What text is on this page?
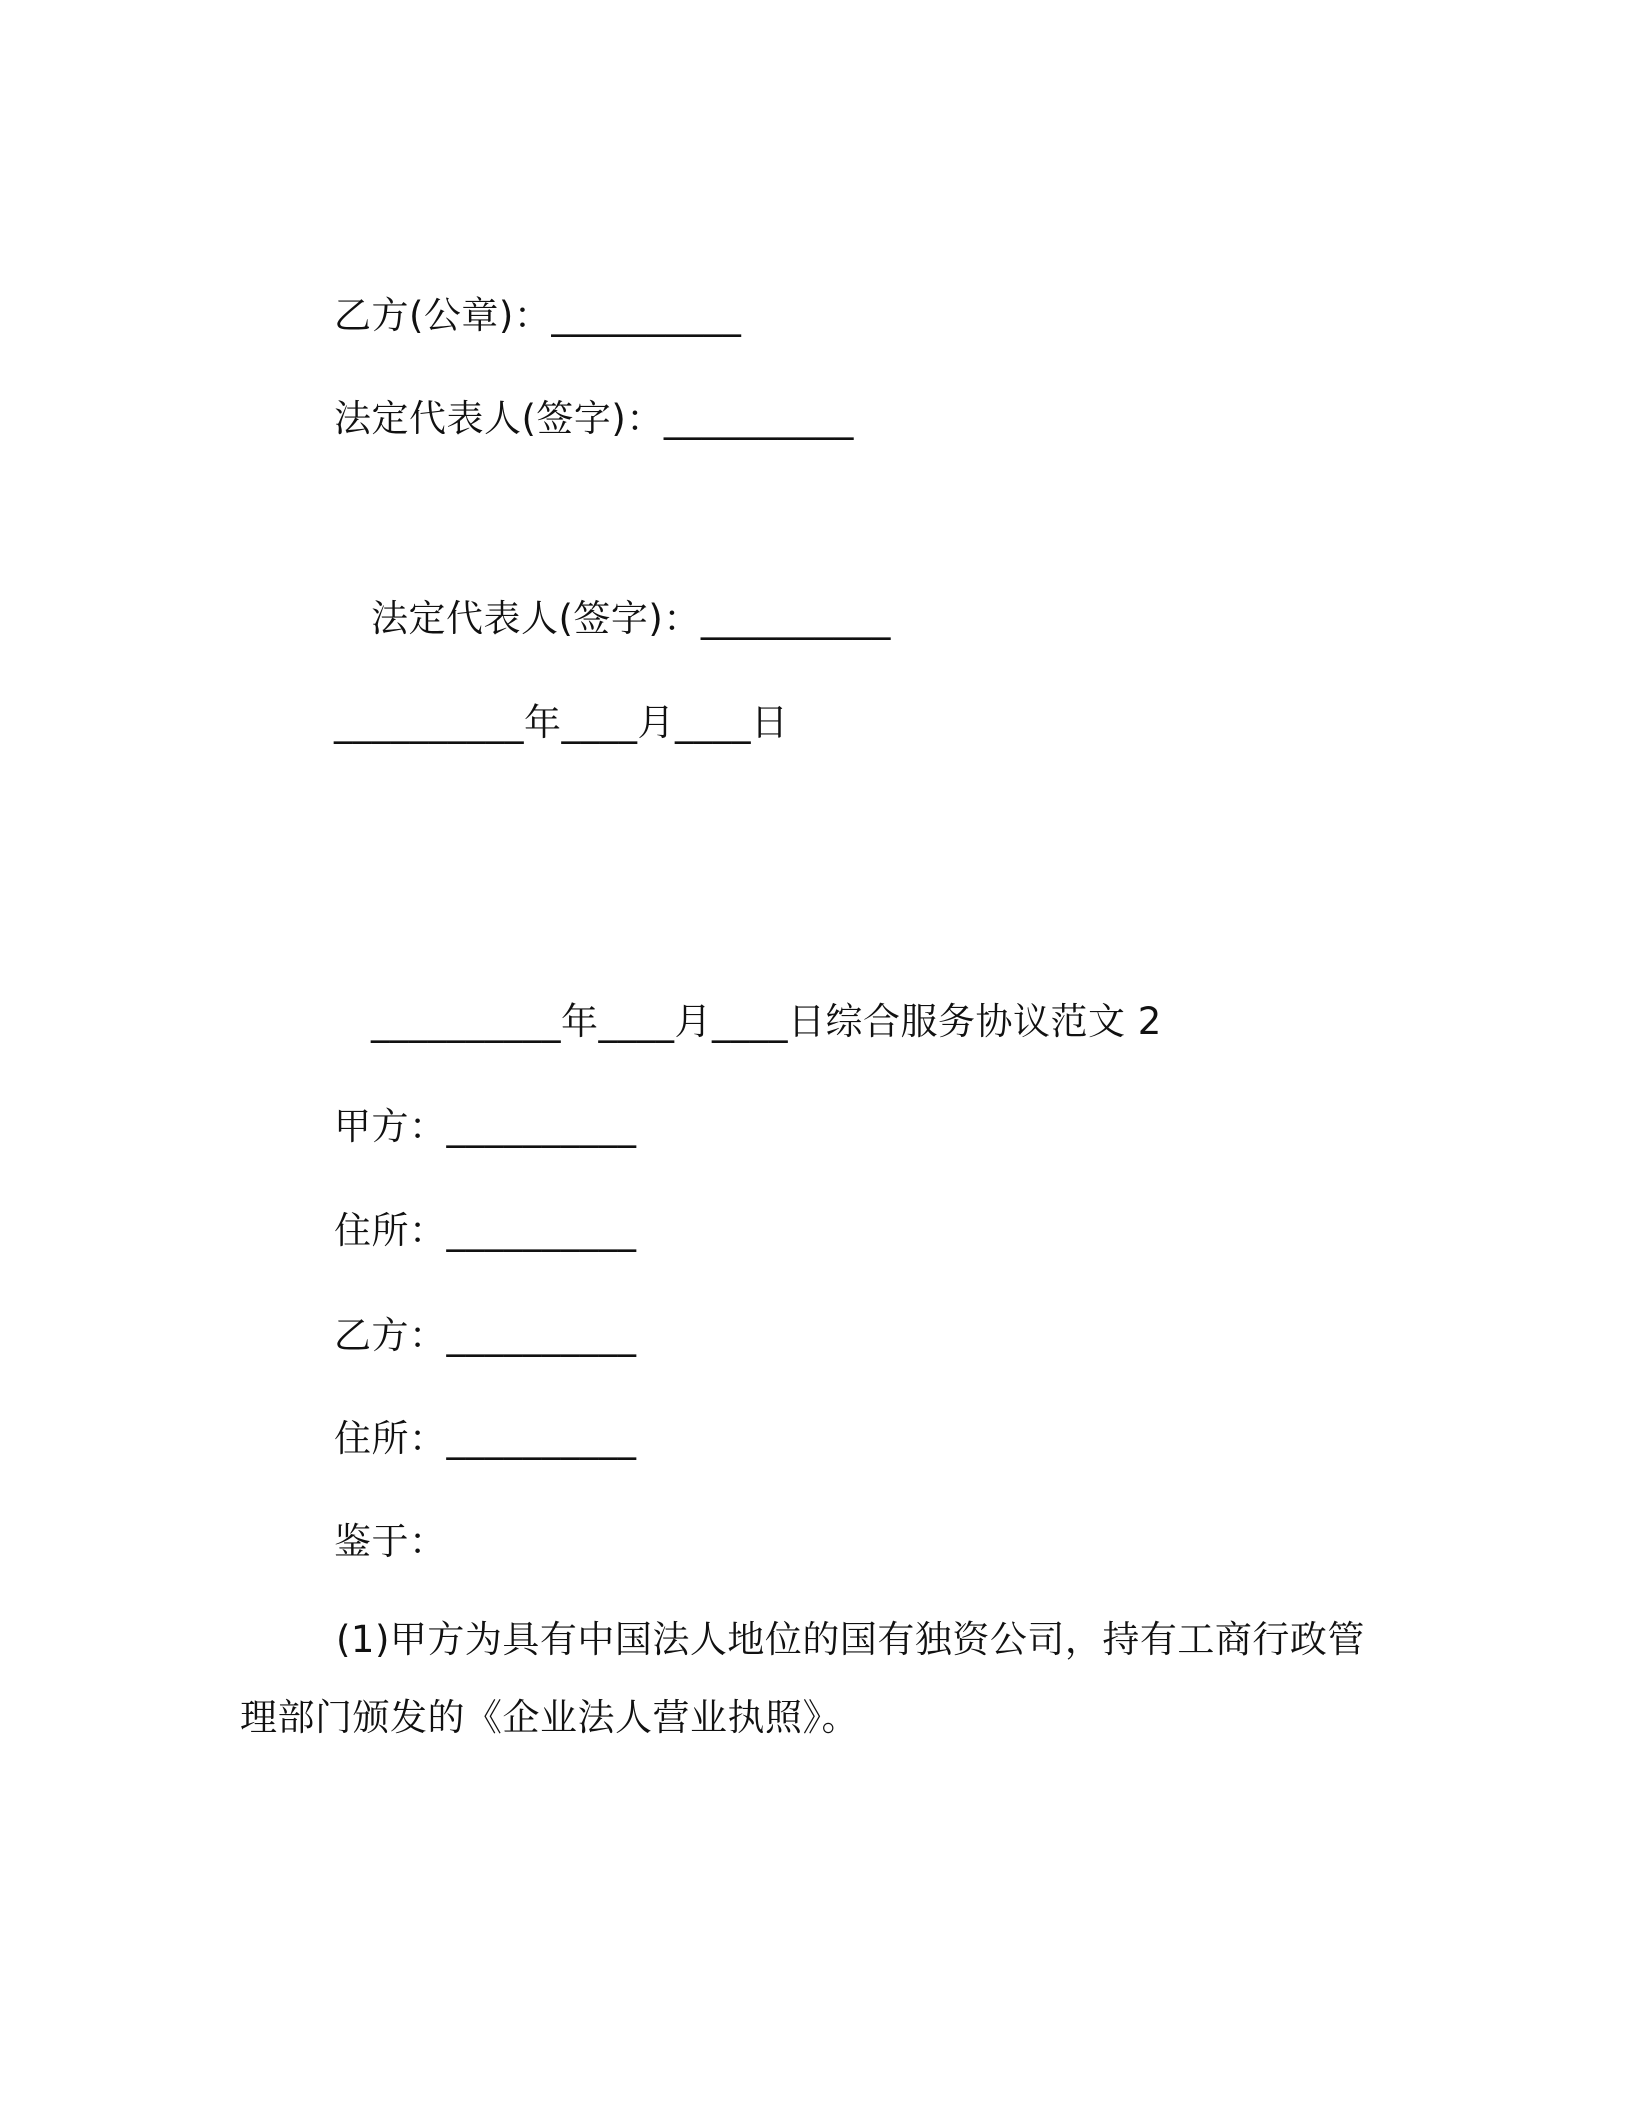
乙方(公章)：__________
法定代表人(签字)：__________
法定代表人(签字)：__________
__________年____月____日
__________年____月____日综合服务协议范文 2
甲方：__________
住所：__________
乙方：__________
住所：__________
鉴于：
(1)甲方为具有中国法人地位的国有独资公司，持有工商行政管理部门颁发的《企业法人营业执照》。
